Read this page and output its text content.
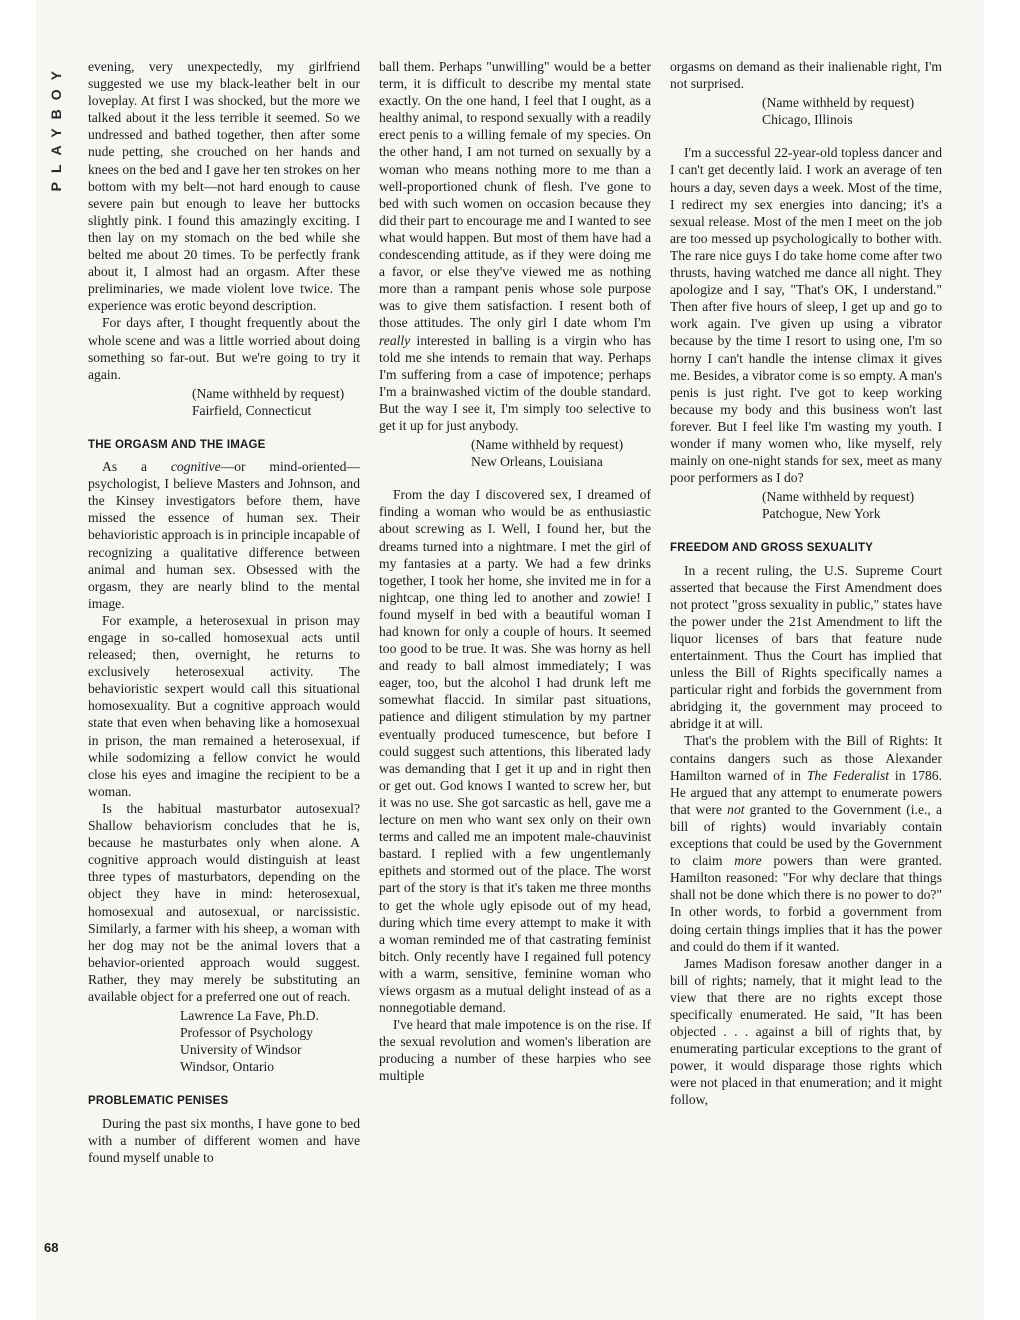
PLAYBOY
68

evening, very unexpectedly, my girlfriend suggested we use my black-leather belt in our loveplay. At first I was shocked, but the more we talked about it the less terrible it seemed. So we undressed and bathed together, then after some nude petting, she crouched on her hands and knees on the bed and I gave her ten strokes on her bottom with my belt—not hard enough to cause severe pain but enough to leave her buttocks slightly pink. I found this amazingly exciting. I then lay on my stomach on the bed while she belted me about 20 times. To be perfectly frank about it, I almost had an orgasm. After these preliminaries, we made violent love twice. The experience was erotic beyond description.

For days after, I thought frequently about the whole scene and was a little worried about doing something so far-out. But we're going to try it again.

(Name withheld by request)
Fairfield, Connecticut
THE ORGASM AND THE IMAGE

As a cognitive—or mind-oriented—psychologist, I believe Masters and Johnson, and the Kinsey investigators before them, have missed the essence of human sex. Their behavioristic approach is in principle incapable of recognizing a qualitative difference between animal and human sex. Obsessed with the orgasm, they are nearly blind to the mental image.

For example, a heterosexual in prison may engage in so-called homosexual acts until released; then, overnight, he returns to exclusively heterosexual activity. The behavioristic sexpert would call this situational homosexuality. But a cognitive approach would state that even when behaving like a homosexual in prison, the man remained a heterosexual, if while sodomizing a fellow convict he would close his eyes and imagine the recipient to be a woman.

Is the habitual masturbator autosexual? Shallow behaviorism concludes that he is, because he masturbates only when alone. A cognitive approach would distinguish at least three types of masturbators, depending on the object they have in mind: heterosexual, homosexual and autosexual, or narcissistic. Similarly, a farmer with his sheep, a woman with her dog may not be the animal lovers that a behavior-oriented approach would suggest. Rather, they may merely be substituting an available object for a preferred one out of reach.

Lawrence La Fave, Ph.D.
Professor of Psychology
University of Windsor
Windsor, Ontario
PROBLEMATIC PENISES

During the past six months, I have gone to bed with a number of different women and have found myself unable to

ball them. Perhaps "unwilling" would be a better term, it is difficult to describe my mental state exactly. On the one hand, I feel that I ought, as a healthy animal, to respond sexually with a readily erect penis to a willing female of my species. On the other hand, I am not turned on sexually by a woman who means nothing more to me than a well-proportioned chunk of flesh. I've gone to bed with such women on occasion because they did their part to encourage me and I wanted to see what would happen. But most of them have had a condescending attitude, as if they were doing me a favor, or else they've viewed me as nothing more than a rampant penis whose sole purpose was to give them satisfaction. I resent both of those attitudes. The only girl I date whom I'm really interested in balling is a virgin who has told me she intends to remain that way. Perhaps I'm suffering from a case of impotence; perhaps I'm a brainwashed victim of the double standard. But the way I see it, I'm simply too selective to get it up for just anybody.

(Name withheld by request)
New Orleans, Louisiana

From the day I discovered sex, I dreamed of finding a woman who would be as enthusiastic about screwing as I. Well, I found her, but the dreams turned into a nightmare. I met the girl of my fantasies at a party. We had a few drinks together, I took her home, she invited me in for a nightcap, one thing led to another and zowie! I found myself in bed with a beautiful woman I had known for only a couple of hours. It seemed too good to be true. It was. She was horny as hell and ready to ball almost immediately; I was eager, too, but the alcohol I had drunk left me somewhat flaccid. In similar past situations, patience and diligent stimulation by my partner eventually produced tumescence, but before I could suggest such attentions, this liberated lady was demanding that I get it up and in right then or get out. God knows I wanted to screw her, but it was no use. She got sarcastic as hell, gave me a lecture on men who want sex only on their own terms and called me an impotent male-chauvinist bastard. I replied with a few ungentlemanly epithets and stormed out of the place. The worst part of the story is that it's taken me three months to get the whole ugly episode out of my head, during which time every attempt to make it with a woman reminded me of that castrating feminist bitch. Only recently have I regained full potency with a warm, sensitive, feminine woman who views orgasm as a mutual delight instead of as a nonnegotiable demand.

I've heard that male impotence is on the rise. If the sexual revolution and women's liberation are producing a number of these harpies who see multiple

orgasms on demand as their inalienable right, I'm not surprised.

(Name withheld by request)
Chicago, Illinois

I'm a successful 22-year-old topless dancer and I can't get decently laid. I work an average of ten hours a day, seven days a week. Most of the time, I redirect my sex energies into dancing; it's a sexual release. Most of the men I meet on the job are too messed up psychologically to bother with. The rare nice guys I do take home come after two thrusts, having watched me dance all night. They apologize and I say, "That's OK, I understand." Then after five hours of sleep, I get up and go to work again. I've given up using a vibrator because by the time I resort to using one, I'm so horny I can't handle the intense climax it gives me. Besides, a vibrator come is so empty. A man's penis is just right. I've got to keep working because my body and this business won't last forever. But I feel like I'm wasting my youth. I wonder if many women who, like myself, rely mainly on one-night stands for sex, meet as many poor performers as I do?

(Name withheld by request)
Patchogue, New York
FREEDOM AND GROSS SEXUALITY

In a recent ruling, the U.S. Supreme Court asserted that because the First Amendment does not protect "gross sexuality in public," states have the power under the 21st Amendment to lift the liquor licenses of bars that feature nude entertainment. Thus the Court has implied that unless the Bill of Rights specifically names a particular right and forbids the government from abridging it, the government may proceed to abridge it at will.

That's the problem with the Bill of Rights: It contains dangers such as those Alexander Hamilton warned of in The Federalist in 1786. He argued that any attempt to enumerate powers that were not granted to the Government (i.e., a bill of rights) would invariably contain exceptions that could be used by the Government to claim more powers than were granted. Hamilton reasoned: "For why declare that things shall not be done which there is no power to do?" In other words, to forbid a government from doing certain things implies that it has the power and could do them if it wanted.

James Madison foresaw another danger in a bill of rights; namely, that it might lead to the view that there are no rights except those specifically enumerated. He said, "It has been objected . . . against a bill of rights that, by enumerating particular exceptions to the grant of power, it would disparage those rights which were not placed in that enumeration; and it might follow,
